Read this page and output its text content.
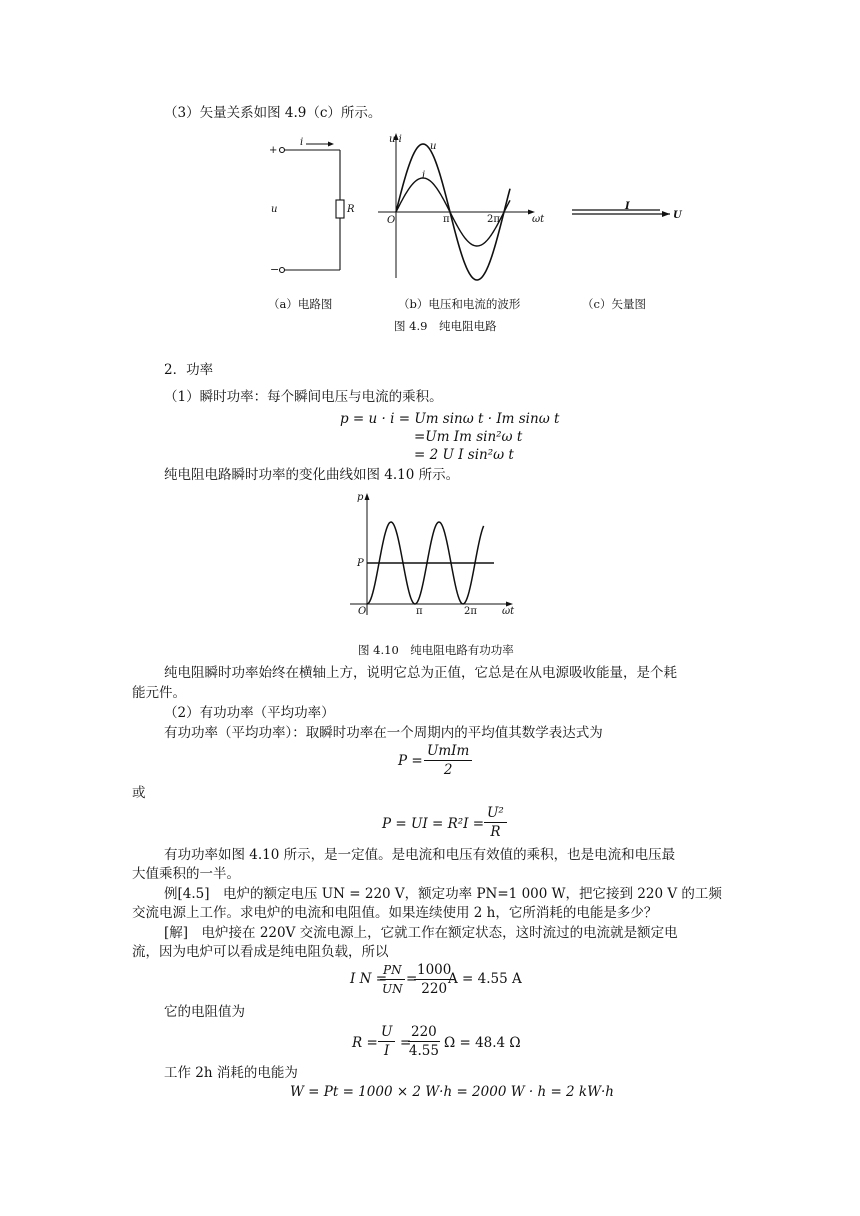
（3）矢量关系如图 4.9（c）所示。
+
−
i
u	R
u i
u
i
O	π	2π	ωt
I
U
（a）电路图	（b）电压和电流的波形	（c）矢量图
图 4.9　纯电阻电路
2．功率
（1）瞬时功率：每个瞬间电压与电流的乘积。
p = u · i = Um sinω t · Im sinω t
=Um Im sin²ω t
= 2 U I sin²ω t
纯电阻电路瞬时功率的变化曲线如图 4.10 所示。
p
P
O	π	2π	ωt
图 4.10　纯电阻电路有功功率
纯电阻瞬时功率始终在横轴上方，说明它总为正值，它总是在从电源吸收能量，是个耗
能元件。
（2）有功功率（平均功率）
有功功率（平均功率）：取瞬时功率在一个周期内的平均值其数学表达式为
P =
UmIm
2
或
P = UI = $R^2I = \frac{\text{U²}}{R}$
有功功率如图 4.10 所示，是一定值。是电流和电压有效值的乘积，也是电流和电压最
大值乘积的一半。
例[4.5]　电炉的额定电压 UN = 220 V，额定功率 PN=1 000 W，把它接到 220 V 的工频
交流电源上工作。求电炉的电流和电阻值。如果连续使用 2 h，它所消耗的电能是多少？
[解]　电炉接在 220V 交流电源上，它就工作在额定状态，这时流过的电流就是额定电
流，因为电炉可以看成是纯电阻负载，所以
I N =
$\frac{PN}{UN}$ =
$\frac{1000}{220}$
A = 4.55 A
它的电阻值为
$R = \frac{U}{I}$ =
$\frac{220}{4.55}$ Ω = 48.4 Ω
工作 2h 消耗的电能为
W = Pt = 1000 × 2 W·h = 2000 W · h = 2 kW·h
